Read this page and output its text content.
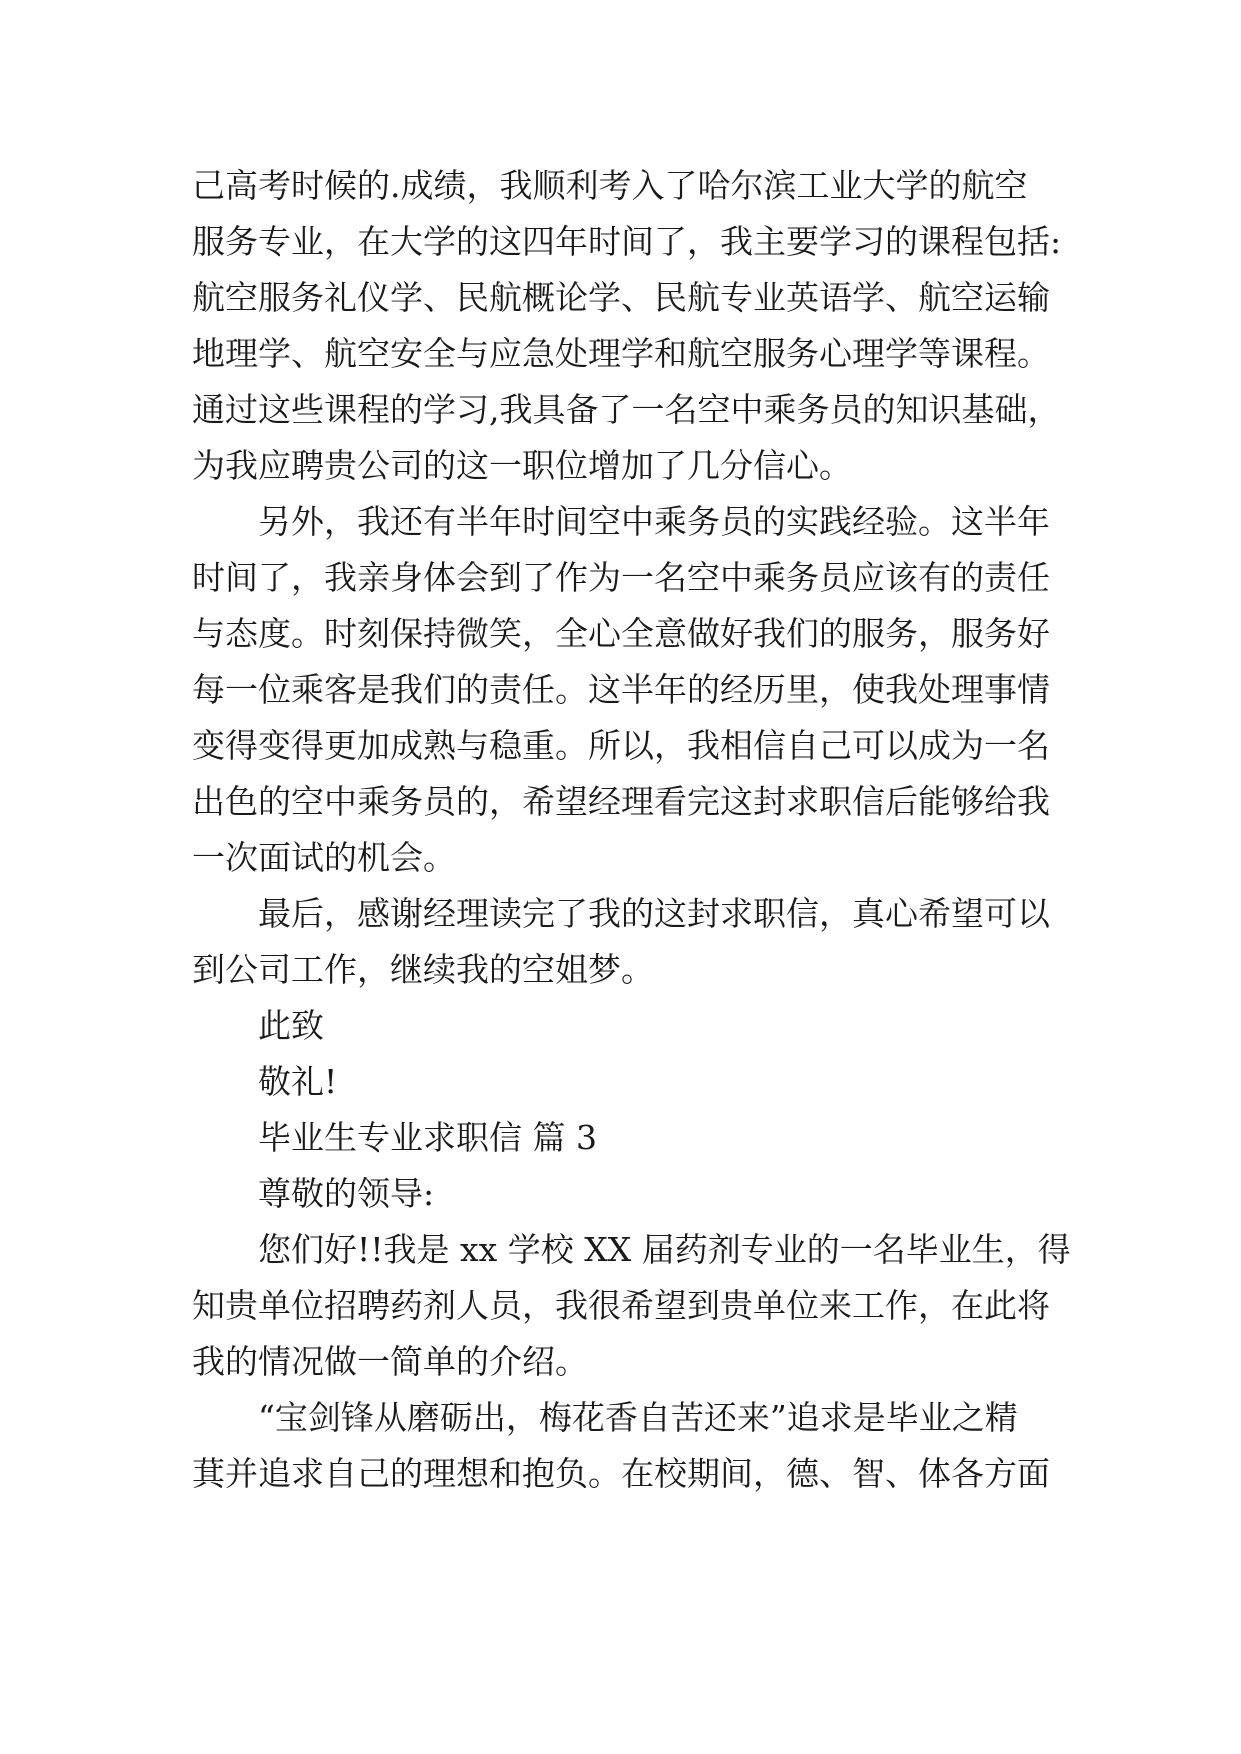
己高考时候的.成绩，我顺利考入了哈尔滨工业大学的航空
服务专业，在大学的这四年时间了，我主要学习的课程包括:
航空服务礼仪学、民航概论学、民航专业英语学、航空运输
地理学、航空安全与应急处理学和航空服务心理学等课程。
通过这些课程的学习,我具备了一名空中乘务员的知识基础，
为我应聘贵公司的这一职位增加了几分信心。
另外，我还有半年时间空中乘务员的实践经验。这半年
时间了，我亲身体会到了作为一名空中乘务员应该有的责任
与态度。时刻保持微笑，全心全意做好我们的服务，服务好
每一位乘客是我们的责任。这半年的经历里，使我处理事情
变得变得更加成熟与稳重。所以，我相信自己可以成为一名
出色的空中乘务员的，希望经理看完这封求职信后能够给我
一次面试的机会。
最后，感谢经理读完了我的这封求职信，真心希望可以
到公司工作，继续我的空姐梦。
此致
敬礼!
毕业生专业求职信 篇 3
尊敬的领导:
您们好!!我是 xx 学校 XX 届药剂专业的一名毕业生，得
知贵单位招聘药剂人员，我很希望到贵单位来工作，在此将
我的情况做一简单的介绍。
“宝剑锋从磨砺出，梅花香自苦还来”追求是毕业之精
萁并追求自己的理想和抱负。在校期间，德、智、体各方面
